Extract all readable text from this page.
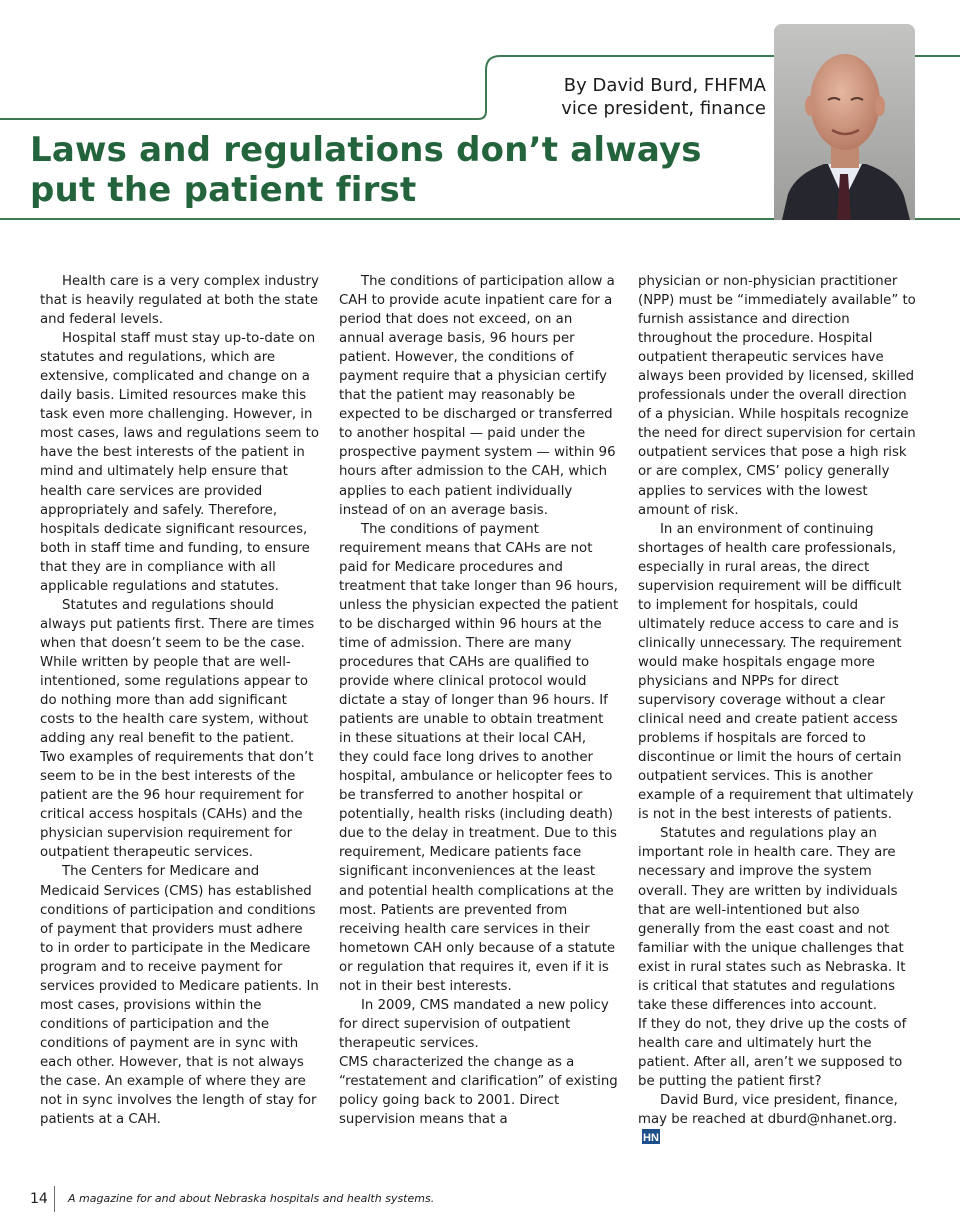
By David Burd, FHFMA
vice president, finance
Laws and regulations don’t always
put the patient first

Health care is a very complex industry that is heavily regulated at both the state and federal levels.

Hospital staff must stay up-to-date on statutes and regulations, which are extensive, complicated and change on a daily basis. Limited resources make this task even more challenging. However, in most cases, laws and regulations seem to have the best interests of the patient in mind and ultimately help ensure that health care services are provided appropriately and safely. Therefore, hospitals dedicate significant resources, both in staff time and funding, to ensure that they are in compliance with all applicable regulations and statutes.

Statutes and regulations should always put patients first. There are times when that doesn’t seem to be the case. While written by people that are well-intentioned, some regulations appear to do nothing more than add significant costs to the health care system, without adding any real benefit to the patient. Two examples of requirements that don’t seem to be in the best interests of the patient are the 96 hour requirement for critical access hospitals (CAHs) and the physician supervision requirement for outpatient therapeutic services.

The Centers for Medicare and Medicaid Services (CMS) has established conditions of participation and conditions of payment that providers must adhere to in order to participate in the Medicare program and to receive payment for services provided to Medicare patients. In most cases, provisions within the conditions of participation and the conditions of payment are in sync with each other. However, that is not always the case. An example of where they are not in sync involves the length of stay for patients at a CAH.

The conditions of participation allow a CAH to provide acute inpatient care for a period that does not exceed, on an annual average basis, 96 hours per patient. However, the conditions of payment require that a physician certify that the patient may reasonably be expected to be discharged or transferred to another hospital — paid under the prospective payment system — within 96 hours after admission to the CAH, which applies to each patient individually instead of on an average basis.

The conditions of payment requirement means that CAHs are not paid for Medicare procedures and treatment that take longer than 96 hours, unless the physician expected the patient to be discharged within 96 hours at the time of admission. There are many procedures that CAHs are qualified to provide where clinical protocol would dictate a stay of longer than 96 hours. If patients are unable to obtain treatment in these situations at their local CAH, they could face long drives to another hospital, ambulance or helicopter fees to be transferred to another hospital or potentially, health risks (including death) due to the delay in treatment. Due to this requirement, Medicare patients face significant inconveniences at the least and potential health complications at the most. Patients are prevented from receiving health care services in their hometown CAH only because of a statute or regulation that requires it, even if it is not in their best interests.

In 2009, CMS mandated a new policy for direct supervision of outpatient therapeutic services.

CMS characterized the change as a “restatement and clarification” of existing policy going back to 2001. Direct supervision means that a

physician or non-physician practitioner (NPP) must be “immediately available” to furnish assistance and direction throughout the procedure. Hospital outpatient therapeutic services have always been provided by licensed, skilled professionals under the overall direction of a physician. While hospitals recognize the need for direct supervision for certain outpatient services that pose a high risk or are complex, CMS’ policy generally applies to services with the lowest amount of risk.

In an environment of continuing shortages of health care professionals, especially in rural areas, the direct supervision requirement will be difficult to implement for hospitals, could ultimately reduce access to care and is clinically unnecessary. The requirement would make hospitals engage more physicians and NPPs for direct supervisory coverage without a clear clinical need and create patient access problems if hospitals are forced to discontinue or limit the hours of certain outpatient services. This is another example of a requirement that ultimately is not in the best interests of patients.

Statutes and regulations play an important role in health care. They are necessary and improve the system overall. They are written by individuals that are well-intentioned but also generally from the east coast and not familiar with the unique challenges that exist in rural states such as Nebraska. It is critical that statutes and regulations take these differences into account.

If they do not, they drive up the costs of health care and ultimately hurt the patient. After all, aren’t we supposed to be putting the patient first?

David Burd, vice president, finance, may be reached at dburd@nhanet.org.
HN

14 A magazine for and about Nebraska hospitals and health systems.
